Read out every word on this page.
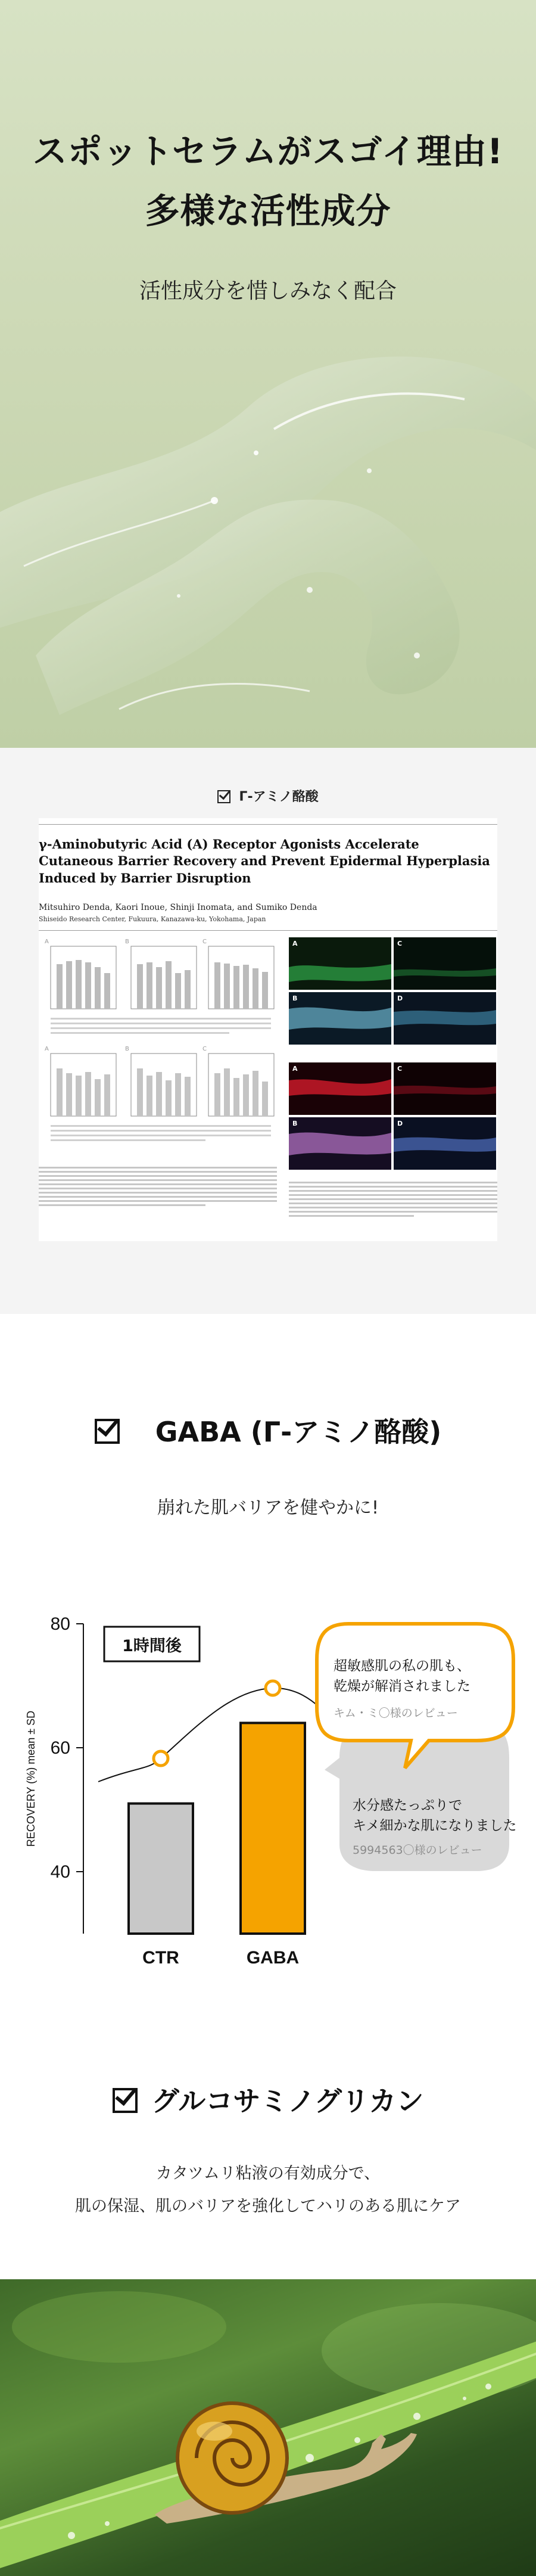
スポットセラムがスゴイ理由!
多様な活性成分
活性成分を惜しみなく配合
Γ-アミノ酪酸
γ-Aminobutyric Acid (A) Receptor Agonists Accelerate Cutaneous Barrier Recovery and Prevent Epidermal Hyperplasia Induced by Barrier Disruption
Mitsuhiro Denda, Kaori Inoue, Shinji Inomata, and Sumiko Denda
Shiseido Research Center, Fukuura, Kanazawa-ku, Yokohama, Japan
A	B	C
A	B	C
A	C
B	D
A	C
B	D
GABA (Γ-アミノ酪酸)
崩れた肌バリアを健やかに!
RECOVERY (%) mean ± SD
40
60
80
1時間後
CTR	GABA
水分感たっぷりで
キメ細かな肌になりました
5994563〇様のレビュー
超敏感肌の私の肌も、
乾燥が解消されました
キム・ミ〇様のレビュー
グルコサミノグリカン
カタツムリ粘液の有効成分で、
肌の保湿、肌のバリアを強化してハリのある肌にケア
